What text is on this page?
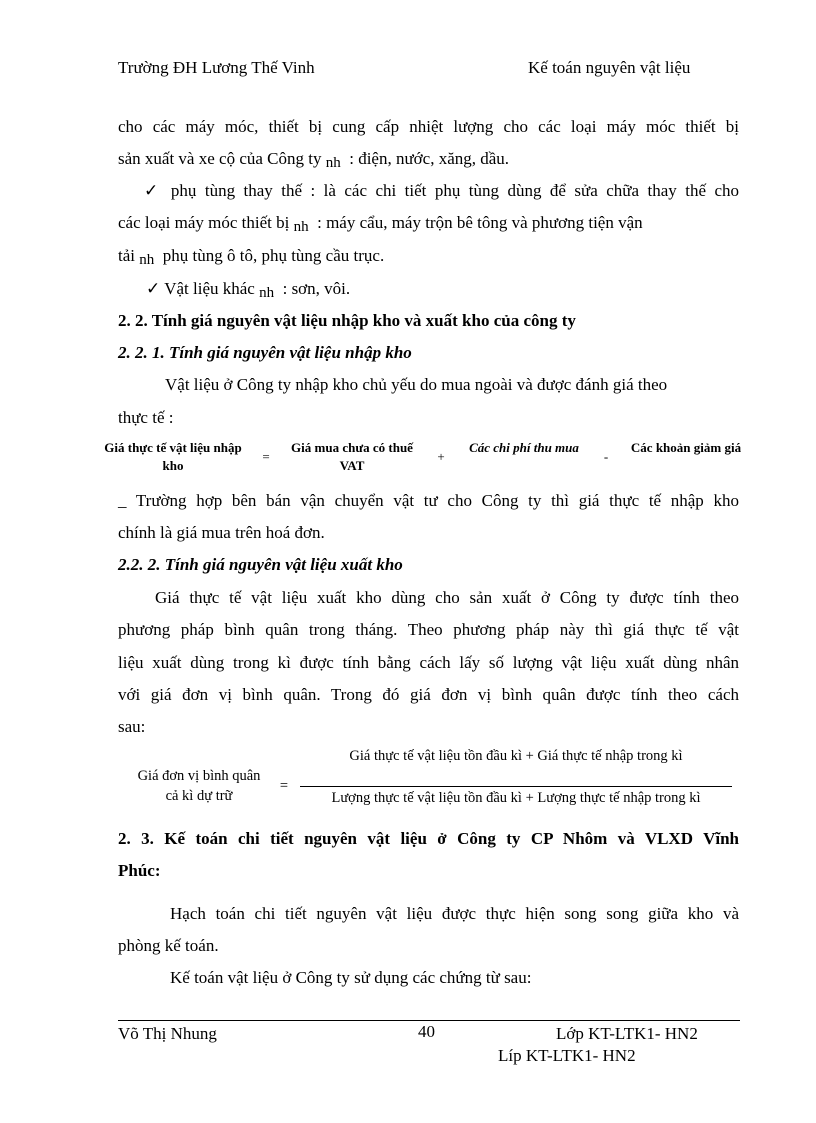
Trường ĐH Lương Thế Vinh	Kế toán nguyên vật liệu
cho các máy móc, thiết bị cung cấp nhiệt lượng cho các loại máy móc thiết bị
sản xuất và xe cộ của Công ty nh : điện, nước, xăng, dầu.
✓ phụ tùng thay thế : là các chi tiết phụ tùng dùng để sửa chữa thay thế cho
các loại máy móc thiết bị nh : máy cẩu, máy trộn bê tông và phương tiện vận
tải nh phụ tùng ô tô, phụ tùng cầu trục.
✓ Vật liệu khác nh : sơn, vôi.
2. 2. Tính giá nguyên vật liệu nhập kho và xuất kho của công ty
2. 2. 1. Tính giá nguyên vật liệu nhập kho
Vật liệu ở Công ty nhập kho chủ yếu do mua ngoài và được đánh giá theo
thực tế :
Giá thực tế vật liệu nhập kho
=
Giá mua chưa có thuế VAT
+
Các chi phí thu mua
-
Các khoản giảm giá
_ Trường hợp bên bán vận chuyển vật tư cho Công ty thì giá thực tế nhập kho
chính là giá mua trên hoá đơn.
2.2. 2. Tính giá nguyên vật liệu xuất kho
Giá thực tế vật liệu xuất kho dùng cho sản xuất ở Công ty được tính theo
phương pháp bình quân trong tháng. Theo phương pháp này thì giá thực tế vật
liệu xuất dùng trong kì được tính bằng cách lấy số lượng vật liệu xuất dùng nhân
với giá đơn vị bình quân. Trong đó giá đơn vị bình quân được tính theo cách
sau:
Giá đơn vị bình quân cả kì dự trữ
=
Giá thực tế vật liệu tồn đầu kì + Giá thực tế nhập trong kì
Lượng thực tế vật liệu tồn đầu kì + Lượng thực tế nhập trong kì
2. 3. Kế toán chi tiết nguyên vật liệu ở Công ty CP Nhôm và VLXD Vĩnh
Phúc:
Hạch toán chi tiết nguyên vật liệu được thực hiện song song giữa kho và
phòng kế toán.
Kế toán vật liệu ở Công ty sử dụng các chứng từ sau:
Võ Thị Nhung	40	Lớp KT-LTK1- HN2
Líp KT-LTK1- HN2
